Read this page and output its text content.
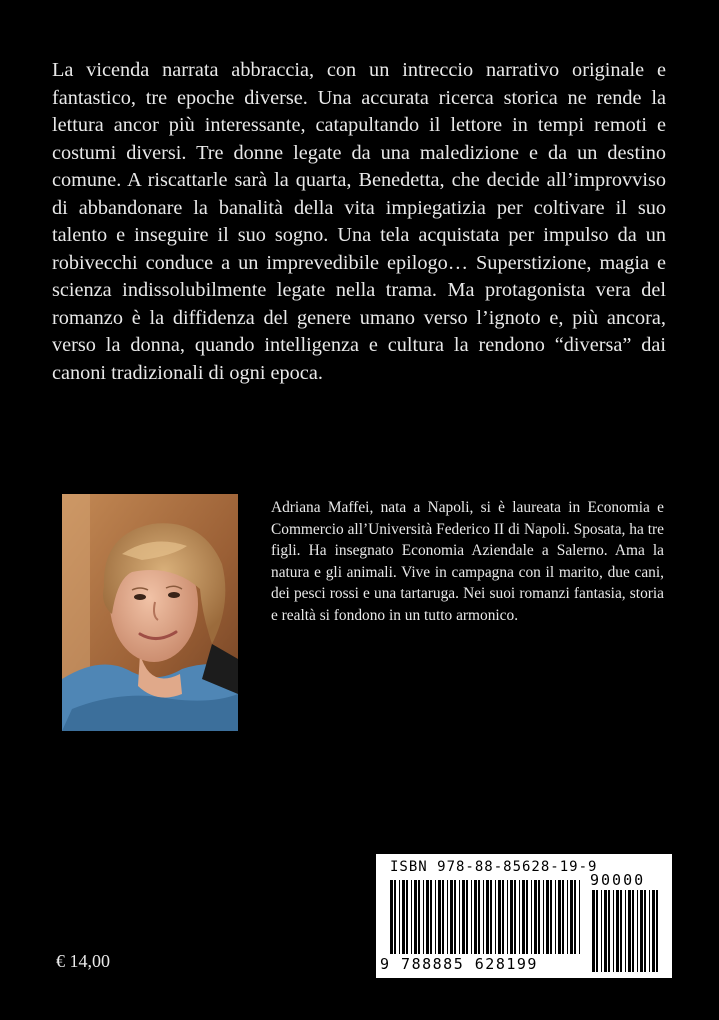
La vicenda narrata abbraccia, con un intreccio narrativo originale e fantastico, tre epoche diverse. Una accurata ricerca storica ne rende la lettura ancor più interessante, catapultando il lettore in tempi remoti e costumi diversi. Tre donne legate da una maledizione e da un destino comune. A riscattarle sarà la quarta, Benedetta, che decide all’improvviso di abbandonare la banalità della vita impiegatizia per coltivare il suo talento e inseguire il suo sogno. Una tela acquistata per impulso da un robivecchi conduce a un imprevedibile epilogo… Superstizione, magia e scienza indissolubilmente legate nella trama. Ma protagonista vera del romanzo è la diffidenza del genere umano verso l’ignoto e, più ancora, verso la donna, quando intelligenza e cultura la rendono “diversa” dai canoni tradizionali di ogni epoca.

Adriana Maffei, nata a Napoli, si è laureata in Economia e Commercio all’Università Federico II di Napoli. Sposata, ha tre figli. Ha insegnato Economia Aziendale a Salerno. Ama la natura e gli animali. Vive in campagna con il marito, due cani, dei pesci rossi e una tartaruga. Nei suoi romanzi fantasia, storia e realtà si fondono in un tutto armonico.

ISBN 978-88-85628-19-9
90000
9 788885 628199
€ 14,00
